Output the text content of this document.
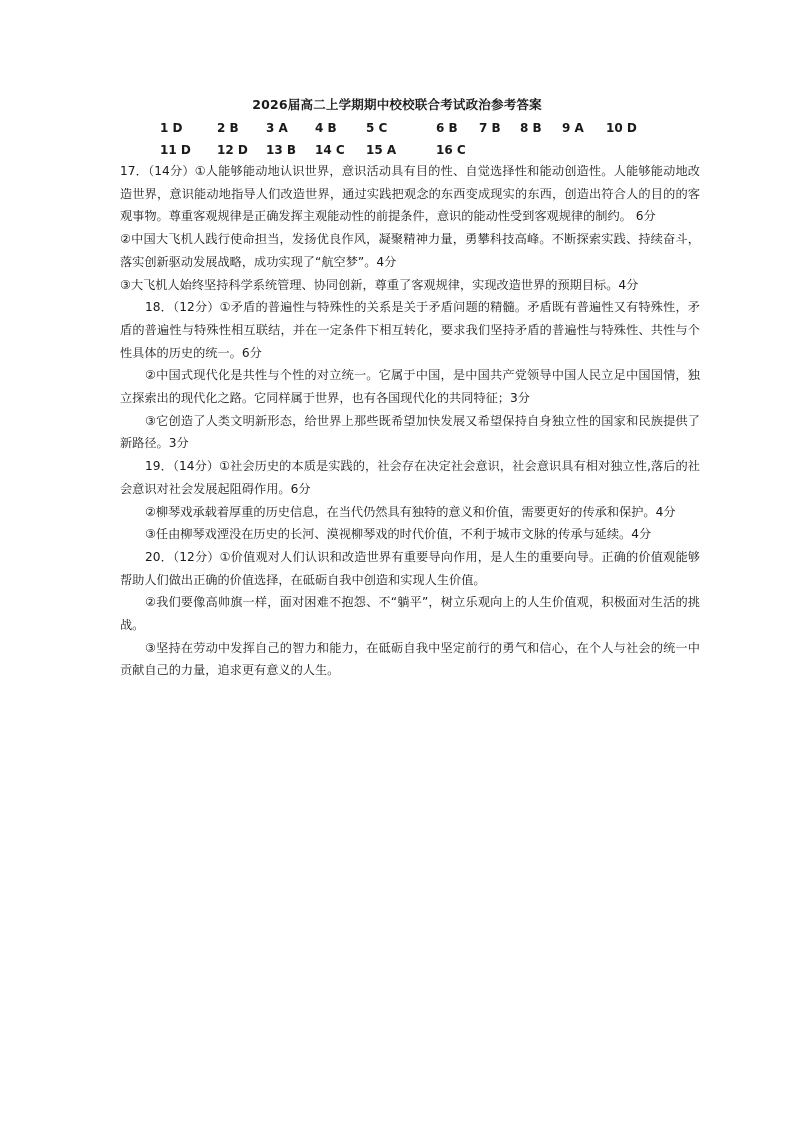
2026届高二上学期期中校校联合考试政治参考答案
1 D	2 B 3 A 4 B 5 C	6 B 7 B 8 B 9 A 10 D
11 D 12 D 13 B 14 C 15 A	16 C

17．（14分）①人能够能动地认识世界，意识活动具有目的性、自觉选择性和能动创造性。人能够能动地改造世界，意识能动地指导人们改造世界，通过实践把观念的东西变成现实的东西，创造出符合人的目的的客观事物。尊重客观规律是正确发挥主观能动性的前提条件，意识的能动性受到客观规律的制约。 6分

②中国大飞机人践行使命担当，发扬优良作风，凝聚精神力量，勇攀科技高峰。不断探索实践、持续奋斗，落实创新驱动发展战略，成功实现了“航空梦”。4分

③大飞机人始终坚持科学系统管理、协同创新，尊重了客观规律，实现改造世界的预期目标。4分

18．（12分）①矛盾的普遍性与特殊性的关系是关于矛盾问题的精髓。矛盾既有普遍性又有特殊性，矛盾的普遍性与特殊性相互联结，并在一定条件下相互转化，要求我们坚持矛盾的普遍性与特殊性、共性与个性具体的历史的统一。6分

②中国式现代化是共性与个性的对立统一。它属于中国，是中国共产党领导中国人民立足中国国情，独立探索出的现代化之路。它同样属于世界，也有各国现代化的共同特征；3分

③它创造了人类文明新形态，给世界上那些既希望加快发展又希望保持自身独立性的国家和民族提供了新路径。3分

19．（14分）①社会历史的本质是实践的，社会存在决定社会意识，社会意识具有相对独立性,落后的社会意识对社会发展起阻碍作用。6分

②柳琴戏承载着厚重的历史信息，在当代仍然具有独特的意义和价值，需要更好的传承和保护。4分

③任由柳琴戏湮没在历史的长河、漠视柳琴戏的时代价值，不利于城市文脉的传承与延续。4分

20．（12分）①价值观对人们认识和改造世界有重要导向作用，是人生的重要向导。正确的价值观能够帮助人们做出正确的价值选择，在砥砺自我中创造和实现人生价值。

②我们要像高帅旗一样，面对困难不抱怨、不“躺平”，树立乐观向上的人生价值观，积极面对生活的挑战。

③坚持在劳动中发挥自己的智力和能力，在砥砺自我中坚定前行的勇气和信心，在个人与社会的统一中贡献自己的力量，追求更有意义的人生。
